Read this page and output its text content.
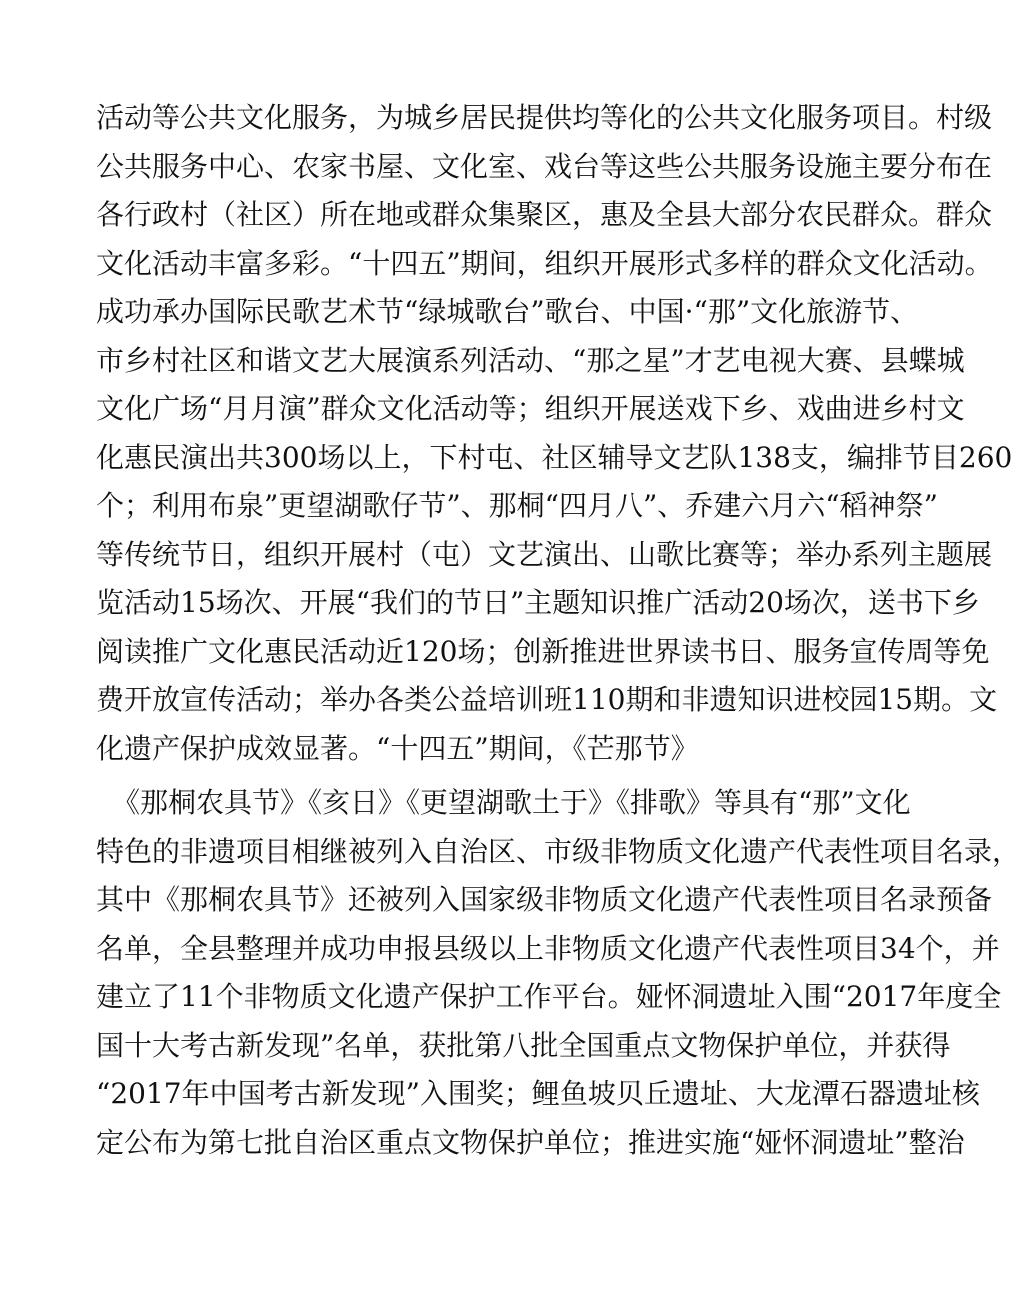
活动等公共文化服务，为城乡居民提供均等化的公共文化服务项目。村级
公共服务中心、农家书屋、文化室、戏台等这些公共服务设施主要分布在
各行政村（社区）所在地或群众集聚区，惠及全县大部分农民群众。群众
文化活动丰富多彩。“十四五”期间，组织开展形式多样的群众文化活动。
成功承办国际民歌艺术节“绿城歌台”歌台、中国·“那”文化旅游节、
市乡村社区和谐文艺大展演系列活动、“那之星”才艺电视大赛、县蝶城
文化广场“月月演”群众文化活动等；组织开展送戏下乡、戏曲进乡村文
化惠民演出共300场以上，下村屯、社区辅导文艺队138支，编排节目260
个；利用布泉”更望湖歌仔节”、那桐“四月八”、乔建六月六“稻神祭”
等传统节日，组织开展村（屯）文艺演出、山歌比赛等；举办系列主题展
览活动15场次、开展“我们的节日”主题知识推广活动20场次，送书下乡
阅读推广文化惠民活动近120场；创新推进世界读书日、服务宣传周等免
费开放宣传活动；举办各类公益培训班110期和非遗知识进校园15期。文
化遗产保护成效显著。“十四五”期间，《芒那节》
《那桐农具节》《亥日》《更望湖歌土于》《排歌》等具有“那”文化
特色的非遗项目相继被列入自治区、市级非物质文化遗产代表性项目名录，
其中《那桐农具节》还被列入国家级非物质文化遗产代表性项目名录预备
名单，全县整理并成功申报县级以上非物质文化遗产代表性项目34个，并
建立了11个非物质文化遗产保护工作平台。娅怀洞遗址入围“2017年度全
国十大考古新发现”名单，获批第八批全国重点文物保护单位，并获得
“2017年中国考古新发现”入围奖；鲤鱼坡贝丘遗址、大龙潭石器遗址核
定公布为第七批自治区重点文物保护单位；推进实施“娅怀洞遗址”整治
